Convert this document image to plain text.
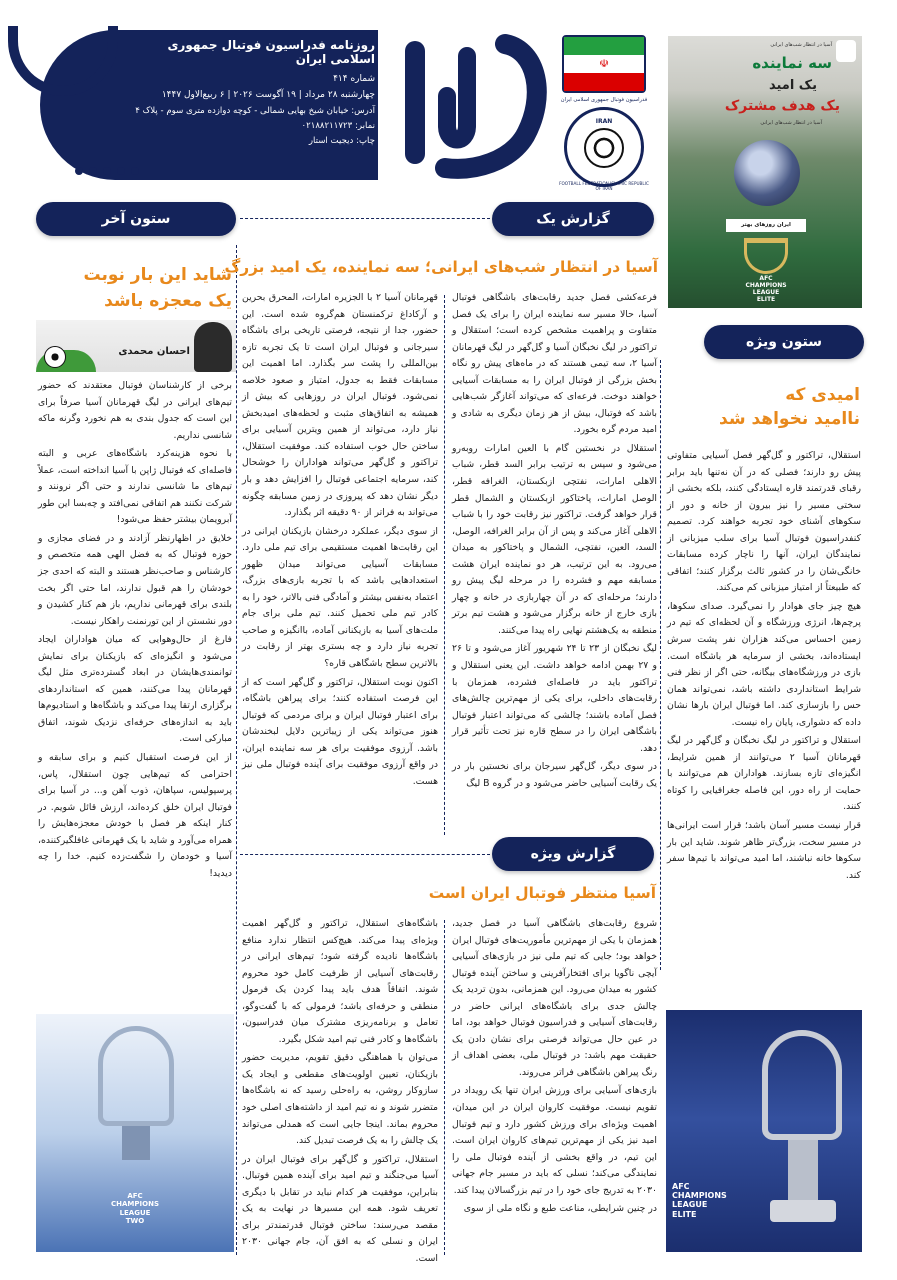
روزنامه فدراسیون فوتبال جمهوری اسلامی ایران
شماره ۴۱۴
چهارشنبه ۲۸ مرداد | ۱۹ آگوست ۲۰۲۶ | ۶ ربیع‌الاول ۱۴۴۷
آدرس: خیابان شیخ بهایی شمالی - کوچه دوازده متری سوم - پلاک ۴
نمابر: ۰۲۱۸۸۲۱۱۷۲۳
چاپ: دیجیت استار
☫
فدراسیون فوتبال جمهوری اسلامی ایران
IRAN
FOOTBALL FEDERATION ISLAMIC REPUBLIC OF IRAN
آسیا در انتظار شب‌های ایرانی
سه نماینده
یک امید
یک هدف مشترک
آسیا در انتظار شب‌های ایرانی
ایران روزهای بهتر
AFC
CHAMPIONS
LEAGUE
ELITE
گزارش یک
ستون آخر
ستون ویژه
گزارش ویژه
آسیا در انتظار شب‌های ایرانی؛ سه نماینده، یک امید بزرگ

فرعه‌کشی فصل جدید رقابت‌های باشگاهی فوتبال آسیا، حالا مسیر سه نماینده ایران را برای یک فصل متفاوت و پراهمیت مشخص کرده است؛ استقلال و تراکتور در لیگ نخبگان آسیا و گل‌گهر در لیگ قهرمانان آسیا ۲، سه تیمی هستند که در ماه‌های پیش رو نگاه بخش بزرگی از فوتبال ایران را به مسابقات آسیایی خواهند دوخت. فرعه‌ای که می‌تواند آغازگر شب‌هایی باشد که فوتبال، بیش از هر زمان دیگری به شادی و امید مردم گره بخورد.

استقلال در نخستین گام با العین امارات روبه‌رو می‌شود و سپس به ترتیب برابر السد قطر، شباب الاهلی امارات، نفتچی ازبکستان، الغرافه قطر، الوصل امارات، پاختاکور ازبکستان و الشمال قطر قرار خواهد گرفت. تراکتور نیز رقابت خود را با شباب الاهلی آغاز می‌کند و پس از آن برابر الغرافه، الوصل، السد، العین، نفتچی، الشمال و پاختاکور به میدان می‌رود. به این ترتیب، هر دو نماینده ایران هشت مسابقه مهم و فشرده را در مرحله لیگ پیش رو دارند؛ مرحله‌ای که در آن چهاربازی در خانه و چهار بازی خارج از خانه برگزار می‌شود و هشت تیم برتر منطقه به یک‌هشتم نهایی راه پیدا می‌کنند.

لیگ نخبگان از ۲۳ تا ۲۴ شهریور آغاز می‌شود و تا ۲۶ و ۲۷ بهمن ادامه خواهد داشت. این یعنی استقلال و تراکتور باید در فاصله‌ای فشرده، همزمان با رقابت‌های داخلی، برای یکی از مهم‌ترین چالش‌های فصل آماده باشند؛ چالشی که می‌تواند اعتبار فوتبال باشگاهی ایران را در سطح قاره نیز تحت تأثیر قرار دهد.

در سوی دیگر، گل‌گهر سیرجان برای نخستین بار در یک رقابت آسیایی حاضر می‌شود و در گروه B لیگ

قهرمانان آسیا ۲ با الجزیره امارات، المحرق بحرین و آرکاداغ ترکمنستان هم‌گروه شده است. این حضور، جدا از نتیجه، فرصتی تاریخی برای باشگاه سیرجانی و فوتبال ایران است تا یک تجربه تازه بین‌المللی را پشت سر بگذارد. اما اهمیت این مسابقات فقط به جدول، امتیاز و صعود خلاصه نمی‌شود. فوتبال ایران در روزهایی که بیش از همیشه به اتفاق‌های مثبت و لحظه‌های امیدبخش نیاز دارد، می‌تواند از همین ویترین آسیایی برای ساختن حال خوب استفاده کند. موفقیت استقلال، تراکتور و گل‌گهر می‌تواند هواداران را خوشحال کند، سرمایه اجتماعی فوتبال را افزایش دهد و بار دیگر نشان دهد که پیروزی در زمین مسابقه چگونه می‌تواند به فراتر از ۹۰ دقیقه اثر بگذارد.

از سوی دیگر، عملکرد درخشان بازیکنان ایرانی در این رقابت‌ها اهمیت مستقیمی برای تیم ملی دارد. مسابقات آسیایی می‌تواند میدان ظهور استعدادهایی باشد که با تجربه بازی‌های بزرگ، اعتماد به‌نفس بیشتر و آمادگی فنی بالاتر، خود را به کادر تیم ملی تحمیل کنند. تیم ملی برای جام ملت‌های آسیا به بازیکنانی آماده، باانگیزه و صاحب تجربه نیاز دارد و چه بستری بهتر از رقابت در بالاترین سطح باشگاهی قاره؟

اکنون نوبت استقلال، تراکتور و گل‌گهر است که از این فرصت استفاده کنند؛ برای پیراهن باشگاه، برای اعتبار فوتبال ایران و برای مردمی که فوتبال هنوز می‌تواند یکی از زیباترین دلایل لبخندشان باشد. آرزوی موفقیت برای هر سه نماینده ایران، در واقع آرزوی موفقیت برای آینده فوتبال ملی نیز هست.

شاید این بار نوبت
یک معجزه باشد
احسان محمدی

برخی از کارشناسان فوتبال معتقدند که حضور تیم‌های ایرانی در لیگ قهرمانان آسیا صرفاً برای این است که جدول بندی به هم نخورد وگرنه ماکه شانسی نداریم.

با نحوه هزینه‌کرد باشگاه‌های عربی و البته فاصله‌ای که فوتبال ژاپن با آسیا انداخته است، عملاً تیم‌های ما شانسی ندارند و حتی اگر نرونند و شرکت نکنند هم اتفاقی نمی‌افتد و چه‌بسا این طور آبرویمان بیشتر حفظ می‌شود!

خلایق در اظهارنظر آزادند و در فضای مجازی و حوزه فوتبال که به فضل الهی همه متخصص و کارشناس و صاحب‌نظر هستند و البته که احدی جز خودشان را هم قبول ندارند، اما حتی اگر بخت بلندی برای قهرمانی نداریم، باز هم کنار کشیدن و دور نشستن از این تورنمنت راهکار نیست.

فارغ از حال‌وهوایی که میان هواداران ایجاد می‌شود و انگیزه‌ای که بازیکنان برای نمایش توانمندی‌هایشان در ابعاد گسترده‌تری مثل لیگ قهرمانان پیدا می‌کنند، همین که استانداردهای برگزاری ارتقا پیدا می‌کند و باشگاه‌ها و استادیوم‌ها باید به اندازه‌های حرفه‌ای نزدیک شوند، اتفاق مبارکی است.

از این فرصت استقبال کنیم و برای سابقه و احترامی که تیم‌هایی چون استقلال، پاس، پرسپولیس، سپاهان، ذوب آهن و... در آسیا برای فوتبال ایران خلق کرده‌اند، ارزش قائل شویم. در کنار اینکه هر فصل با خودش معجزه‌هایش را همراه می‌آورد و شاید با یک قهرمانی غافلگیرکننده، آسیا و خودمان را شگفت‌زده کنیم. خدا را چه دیدید!

AFC
CHAMPIONS
LEAGUE
TWO
امیدی که
ناامید نخواهد شد

استقلال، تراکتور و گل‌گهر فصل آسیایی متفاوتی پیش رو دارند؛ فصلی که در آن نه‌تنها باید برابر رقبای قدرتمند قاره ایستادگی کنند، بلکه بخشی از سختی مسیر را نیز بیرون از خانه و دور از سکوهای آشنای خود تجربه خواهند کرد. تصمیم کنفدراسیون فوتبال آسیا برای سلب میزبانی از نمایندگان ایران، آنها را ناچار کرده مسابقات خانگی‌شان را در کشور ثالث برگزار کنند؛ اتفاقی که طبیعتاً از امتیاز میزبانی کم می‌کند.

هیچ چیز جای هوادار را نمی‌گیرد. صدای سکوها، پرچم‌ها، انرژی ورزشگاه و آن لحظه‌ای که تیم در زمین احساس می‌کند هزاران نفر پشت سرش ایستاده‌اند، بخشی از سرمایه هر باشگاه است. بازی در ورزشگاه‌های بیگانه، حتی اگر از نظر فنی شرایط استانداردی داشته باشد، نمی‌تواند همان حس را بازسازی کند. اما فوتبال ایران بارها نشان داده که دشواری، پایان راه نیست.

استقلال و تراکتور در لیگ نخبگان و گل‌گهر در لیگ قهرمانان آسیا ۲ می‌توانند از همین شرایط، انگیزه‌ای تازه بسازند. هواداران هم می‌توانند با حمایت از راه دور، این فاصله جغرافیایی را کوتاه کنند.

قرار نیست مسیر آسان باشد؛ قرار است ایرانی‌ها در مسیر سخت، بزرگ‌تر ظاهر شوند. شاید این بار سکوها خانه نباشند، اما امید می‌تواند با تیم‌ها سفر کند.

AFC
CHAMPIONS
LEAGUE
ELITE
آسیا منتظر فوتبال ایران است

شروع رقابت‌های باشگاهی آسیا در فصل جدید، همزمان با یکی از مهم‌ترین مأموریت‌های فوتبال ایران خواهد بود؛ جایی که تیم ملی نیز در بازی‌های آسیایی آیچی ناگویا برای افتخارآفرینی و ساختن آینده فوتبال کشور به میدان می‌رود. این همزمانی، بدون تردید یک چالش جدی برای باشگاه‌های ایرانی حاضر در رقابت‌های آسیایی و فدراسیون فوتبال خواهد بود، اما در عین حال می‌تواند فرصتی برای نشان دادن یک حقیقت مهم باشد: در فوتبال ملی، بعضی اهداف از رنگ پیراهن باشگاهی فراتر می‌روند.

بازی‌های آسیایی برای ورزش ایران تنها یک رویداد در تقویم نیست. موفقیت کاروان ایران در این میدان، اهمیت ویژه‌ای برای ورزش کشور دارد و تیم فوتبال امید نیز یکی از مهم‌ترین تیم‌های کاروان ایران است. این تیم، در واقع بخشی از آینده فوتبال ملی را نمایندگی می‌کند؛ نسلی که باید در مسیر جام جهانی ۲۰۳۰ به تدریج جای خود را در تیم بزرگسالان پیدا کند.

در چنین شرایطی، مناعت طبع و نگاه ملی از سوی

باشگاه‌های استقلال، تراکتور و گل‌گهر اهمیت ویژه‌ای پیدا می‌کند. هیچ‌کس انتظار ندارد منافع باشگاه‌ها نادیده گرفته شود؛ تیم‌های ایرانی در رقابت‌های آسیایی از ظرفیت کامل خود محروم شوند. اتفاقاً هدف باید پیدا کردن یک فرمول منطقی و حرفه‌ای باشد؛ فرمولی که با گفت‌وگو، تعامل و برنامه‌ریزی مشترک میان فدراسیون، باشگاه‌ها و کادر فنی تیم امید شکل بگیرد.

می‌توان با هماهنگی دقیق تقویم، مدیریت حضور بازیکنان، تعیین اولویت‌های مقطعی و ایجاد یک سازوکار روشن، به راه‌حلی رسید که نه باشگاه‌ها متضرر شوند و نه تیم امید از داشته‌های اصلی خود محروم بماند. اینجا جایی است که همدلی می‌تواند یک چالش را به یک فرصت تبدیل کند.

استقلال، تراکتور و گل‌گهر برای فوتبال ایران در آسیا می‌جنگند و تیم امید برای آینده همین فوتبال. بنابراین، موفقیت هر کدام نباید در تقابل با دیگری تعریف شود. همه این مسیرها در نهایت به یک مقصد می‌رسند: ساختن فوتبال قدرتمندتر برای ایران و نسلی که به افق آن، جام جهانی ۲۰۳۰ است.
